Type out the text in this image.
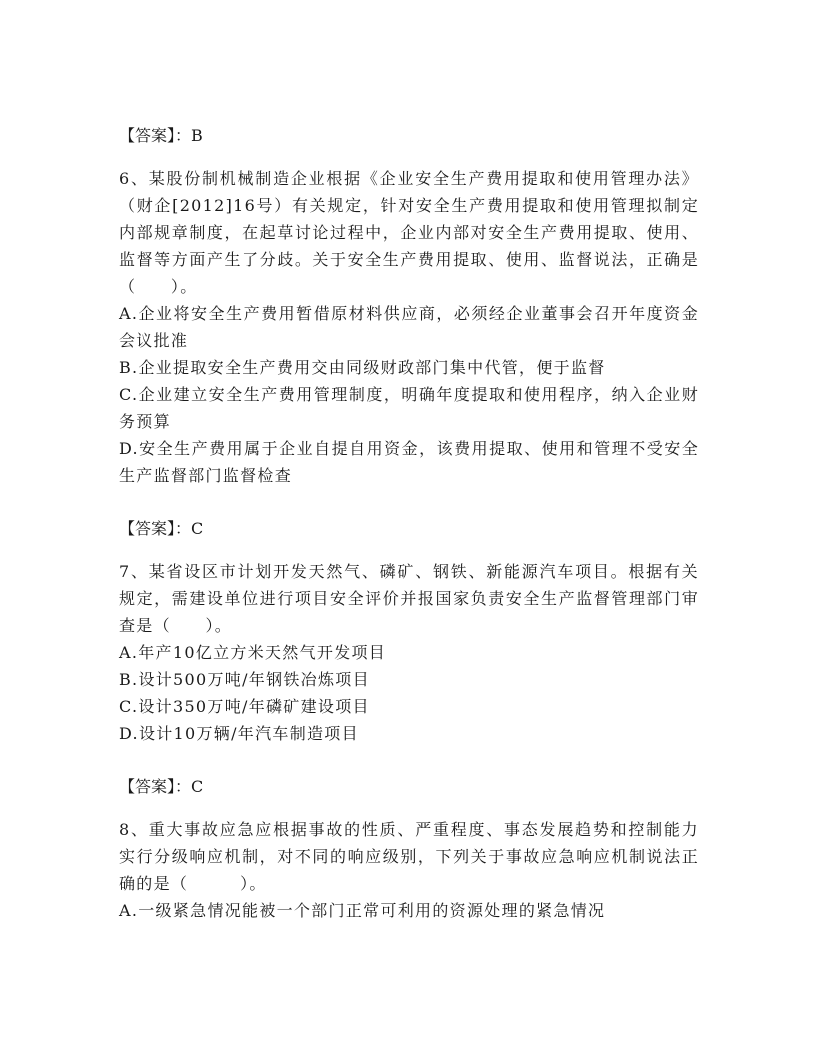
【答案】：B

6、某股份制机械制造企业根据《企业安全生产费用提取和使用管理办法》（财企[2012]16号）有关规定，针对安全生产费用提取和使用管理拟制定内部规章制度，在起草讨论过程中，企业内部对安全生产费用提取、使用、监督等方面产生了分歧。关于安全生产费用提取、使用、监督说法，正确是（　　）。

A.企业将安全生产费用暂借原材料供应商，必须经企业董事会召开年度资金会议批准

B.企业提取安全生产费用交由同级财政部门集中代管，便于监督

C.企业建立安全生产费用管理制度，明确年度提取和使用程序，纳入企业财务预算

D.安全生产费用属于企业自提自用资金，该费用提取、使用和管理不受安全生产监督部门监督检查

【答案】：C

7、某省设区市计划开发天然气、磷矿、钢铁、新能源汽车项目。根据有关规定，需建设单位进行项目安全评价并报国家负责安全生产监督管理部门审查是（　　）。

A.年产10亿立方米天然气开发项目

B.设计500万吨/年钢铁冶炼项目

C.设计350万吨/年磷矿建设项目

D.设计10万辆/年汽车制造项目

【答案】：C

8、重大事故应急应根据事故的性质、严重程度、事态发展趋势和控制能力实行分级响应机制，对不同的响应级别，下列关于事故应急响应机制说法正确的是（　　　）。

A.一级紧急情况能被一个部门正常可利用的资源处理的紧急情况
